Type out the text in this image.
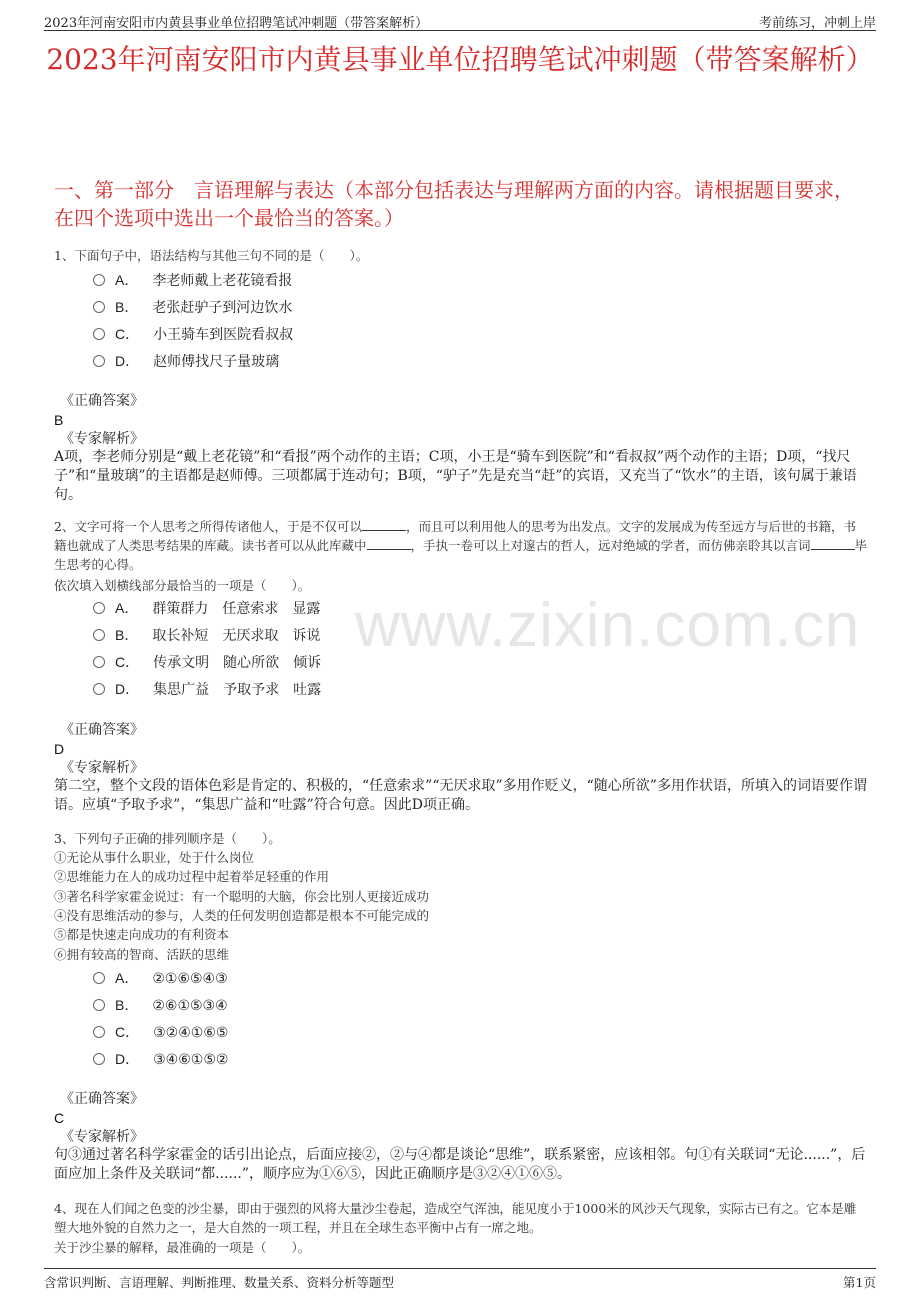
2023年河南安阳市内黄县事业单位招聘笔试冲刺题（带答案解析）	考前练习，冲刺上岸
2023年河南安阳市内黄县事业单位招聘笔试冲刺题（带答案解析）
一、第一部分　言语理解与表达（本部分包括表达与理解两方面的内容。请根据题目要求，在四个选项中选出一个最恰当的答案。）
www.zixin.com.cn
1、下面句子中，语法结构与其他三句不同的是（　　）。
A． 李老师戴上老花镜看报
B． 老张赶驴子到河边饮水
C． 小王骑车到医院看叔叔
D． 赵师傅找尺子量玻璃
《正确答案》
B
《专家解析》
A项，李老师分别是“戴上老花镜”和“看报”两个动作的主语；C项，小王是“骑车到医院”和“看叔叔”两个动作的主语；D项，“找尺子”和“量玻璃”的主语都是赵师傅。三项都属于连动句；B项，“驴子”先是充当“赶”的宾语，又充当了“饮水”的主语，该句属于兼语句。
2、文字可将一个人思考之所得传诸他人，于是不仅可以	，而且可以利用他人的思考为出发点。文字的发展成为传至远方与后世的书籍，书籍也就成了人类思考结果的库藏。读书者可以从此库藏中	，手执一卷可以上对邃古的哲人，远对绝域的学者，而仿佛亲聆其以言词	毕生思考的心得。
依次填入划横线部分最恰当的一项是（　　）。
A． 群策群力　任意索求　显露
B． 取长补短　无厌求取　诉说
C． 传承文明　随心所欲　倾诉
D． 集思广益　予取予求　吐露
《正确答案》
D
《专家解析》
第二空，整个文段的语体色彩是肯定的、积极的，“任意索求”“无厌求取”多用作贬义，“随心所欲”多用作状语，所填入的词语要作谓语。应填“予取予求”，“集思广益和“吐露”符合句意。因此D项正确。
3、下列句子正确的排列顺序是（　　）。
①无论从事什么职业，处于什么岗位
②思维能力在人的成功过程中起着举足轻重的作用
③著名科学家霍金说过：有一个聪明的大脑，你会比别人更接近成功
④没有思维活动的参与，人类的任何发明创造都是根本不可能完成的
⑤都是快速走向成功的有利资本
⑥拥有较高的智商、活跃的思维
A． ②①⑥⑤④③
B． ②⑥①⑤③④
C． ③②④①⑥⑤
D． ③④⑥①⑤②
《正确答案》
C
《专家解析》
句③通过著名科学家霍金的话引出论点，后面应接②，②与④都是谈论“思维”，联系紧密，应该相邻。句①有关联词“无论......”，后面应加上条件及关联词“都......”，顺序应为①⑥⑤，因此正确顺序是③②④①⑥⑤。
4、现在人们闻之色变的沙尘暴，即由于强烈的风将大量沙尘卷起，造成空气浑浊，能见度小于1000米的风沙天气现象，实际古已有之。它本是雕塑大地外貌的自然力之一，是大自然的一项工程，并且在全球生态平衡中占有一席之地。
关于沙尘暴的解释，最准确的一项是（　　）。
含常识判断、言语理解、判断推理、数量关系、资料分析等题型	第1页
